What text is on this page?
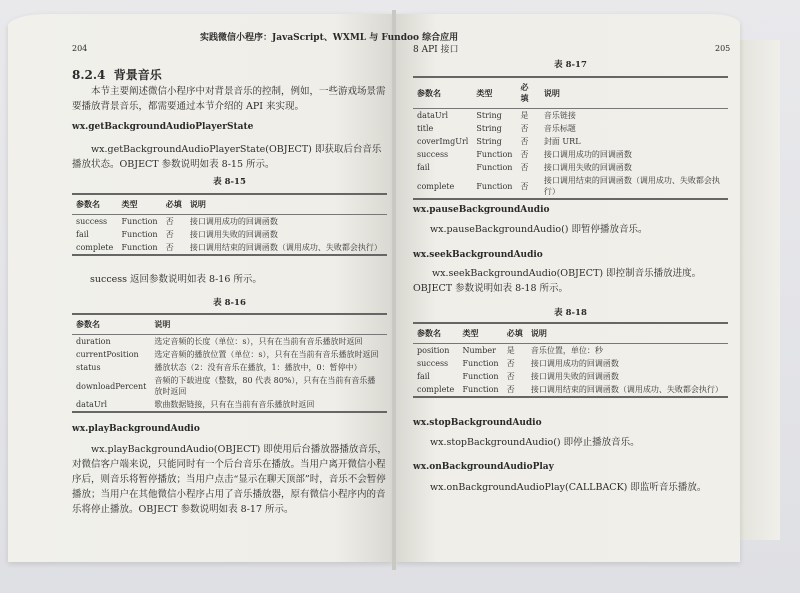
实践微信小程序：JavaScript、WXML 与 Fundoo 综合应用
204
8.2.4 背景音乐
本节主要阐述微信小程序中对背景音乐的控制，例如，一些游戏场景需要播放背景音乐，都需要通过本节介绍的 API 来实现。
wx.getBackgroundAudioPlayerState
wx.getBackgroundAudioPlayerState(OBJECT) 即获取后台音乐播放状态。OBJECT 参数说明如表 8-15 所示。
表 8-15
参数名	类型	必填	说明
success	Function	否	接口调用成功的回调函数
fail	Function	否	接口调用失败的回调函数
complete	Function	否	接口调用结束的回调函数（调用成功、失败都会执行）
success 返回参数说明如表 8-16 所示。
表 8-16
参数名	说明
duration	选定音频的长度（单位：s），只有在当前有音乐播放时返回
currentPosition	选定音频的播放位置（单位：s），只有在当前有音乐播放时返回
status	播放状态（2：没有音乐在播放，1：播放中，0：暂停中）
downloadPercent	音频的下载进度（整数，80 代表 80%），只有在当前有音乐播放时返回
dataUrl	歌曲数据链接，只有在当前有音乐播放时返回
wx.playBackgroundAudio
wx.playBackgroundAudio(OBJECT) 即使用后台播放器播放音乐，对微信客户端来说，只能同时有一个后台音乐在播放。当用户离开微信小程序后，则音乐将暂停播放；当用户点击“显示在聊天顶部”时，音乐不会暂停播放；当用户在其他微信小程序占用了音乐播放器，原有微信小程序内的音乐将停止播放。OBJECT 参数说明如表 8-17 所示。
8 API 接口	205
表 8-17
参数名	类型	必填	说明
dataUrl	String	是	音乐链接
title	String	否	音乐标题
coverImgUrl	String	否	封面 URL
success	Function	否	接口调用成功的回调函数
fail	Function	否	接口调用失败的回调函数
complete	Function	否	接口调用结束的回调函数（调用成功、失败都会执行）
wx.pauseBackgroundAudio
wx.pauseBackgroundAudio() 即暂停播放音乐。
wx.seekBackgroundAudio
wx.seekBackgroundAudio(OBJECT) 即控制音乐播放进度。OBJECT 参数说明如表 8-18 所示。
表 8-18
参数名	类型	必填	说明
position	Number	是	音乐位置，单位：秒
success	Function	否	接口调用成功的回调函数
fail	Function	否	接口调用失败的回调函数
complete	Function	否	接口调用结束的回调函数（调用成功、失败都会执行）
wx.stopBackgroundAudio
wx.stopBackgroundAudio() 即停止播放音乐。
wx.onBackgroundAudioPlay
wx.onBackgroundAudioPlay(CALLBACK) 即监听音乐播放。
